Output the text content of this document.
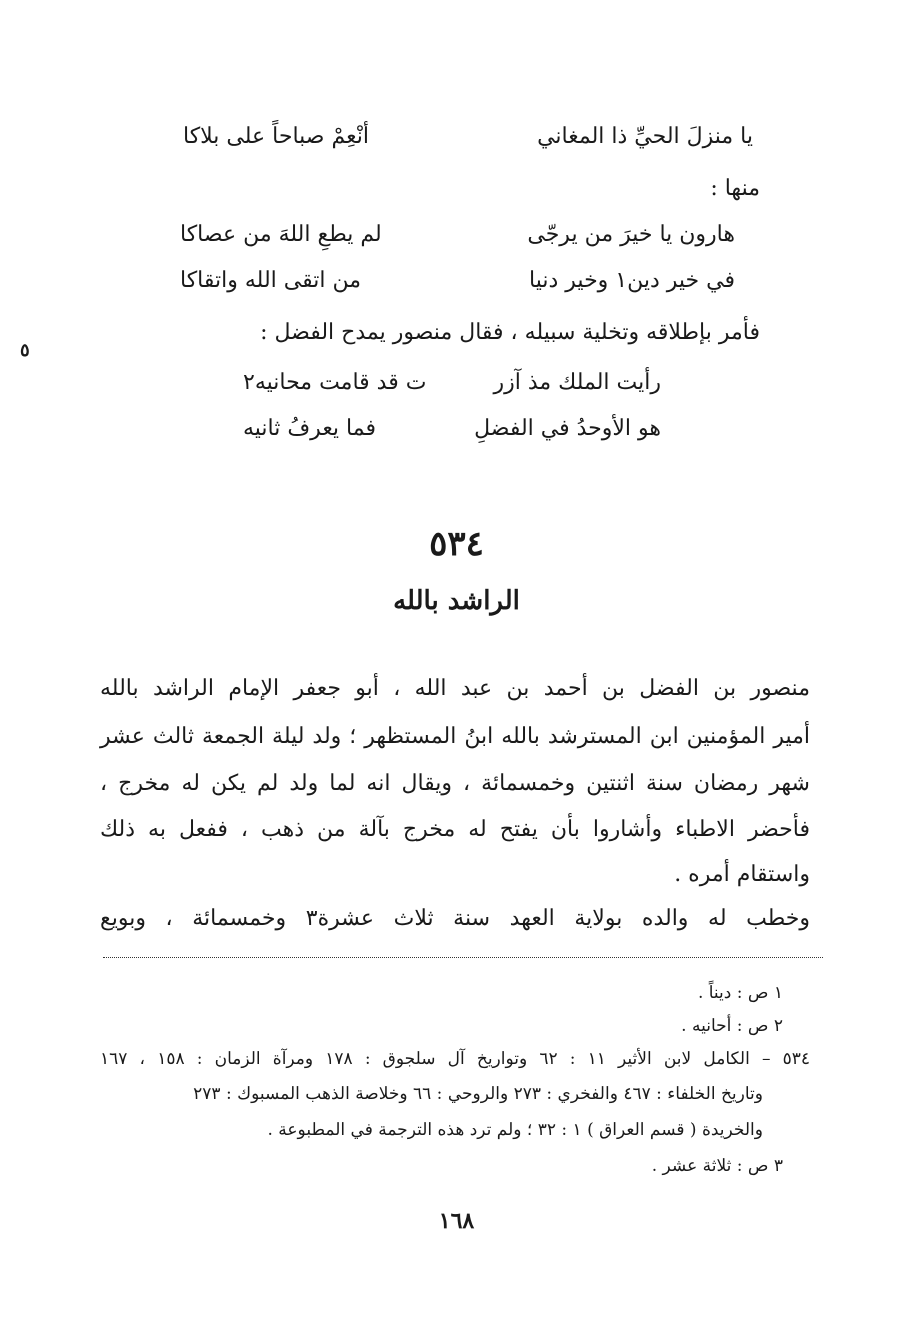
يا منزلَ الحيِّ ذا المغاني
أنْعِمْ صباحاً على بلاكا
منها :
هارون يا خيرَ من يرجّى
لم يطعِ اللهَ من عصاكا
في خير دين١ وخير دنيا
من اتقى الله واتقاكا
فأمر بإطلاقه وتخلية سبيله ، فقال منصور يمدح الفضل :
رأيت الملك مذ آزر
ت قد قامت محانيه٢
هو الأوحدُ في الفضلِ
فما يعرفُ ثانيه
٥٣٤
الراشد بالله
منصور بن الفضل بن أحمد بن عبد الله ، أبو جعفر الإمام الراشد بالله
أمير المؤمنين ابن المسترشد بالله ابنُ المستظهر ؛ ولد ليلة الجمعة ثالث عشر
شهر رمضان سنة اثنتين وخمسمائة ، ويقال انه لما ولد لم يكن له مخرج ،
فأحضر الاطباء وأشاروا بأن يفتح له مخرج بآلة من ذهب ، ففعل به ذلك
واستقام أمره .
وخطب له والده بولاية العهد سنة ثلاث عشرة٣ وخمسمائة ، وبويع
١ ص : ديناً .
٢ ص : أحانيه .
٥٣٤ – الكامل لابن الأثير ١١ : ٦٢ وتواريخ آل سلجوق : ١٧٨ ومرآة الزمان : ١٥٨ ، ١٦٧
وتاريخ الخلفاء : ٤٦٧ والفخري : ٢٧٣ والروحي : ٦٦ وخلاصة الذهب المسبوك : ٢٧٣
والخريدة ( قسم العراق ) ١ : ٣٢ ؛ ولم ترد هذه الترجمة في المطبوعة .
٣ ص : ثلاثة عشر .
١٦٨
٥
